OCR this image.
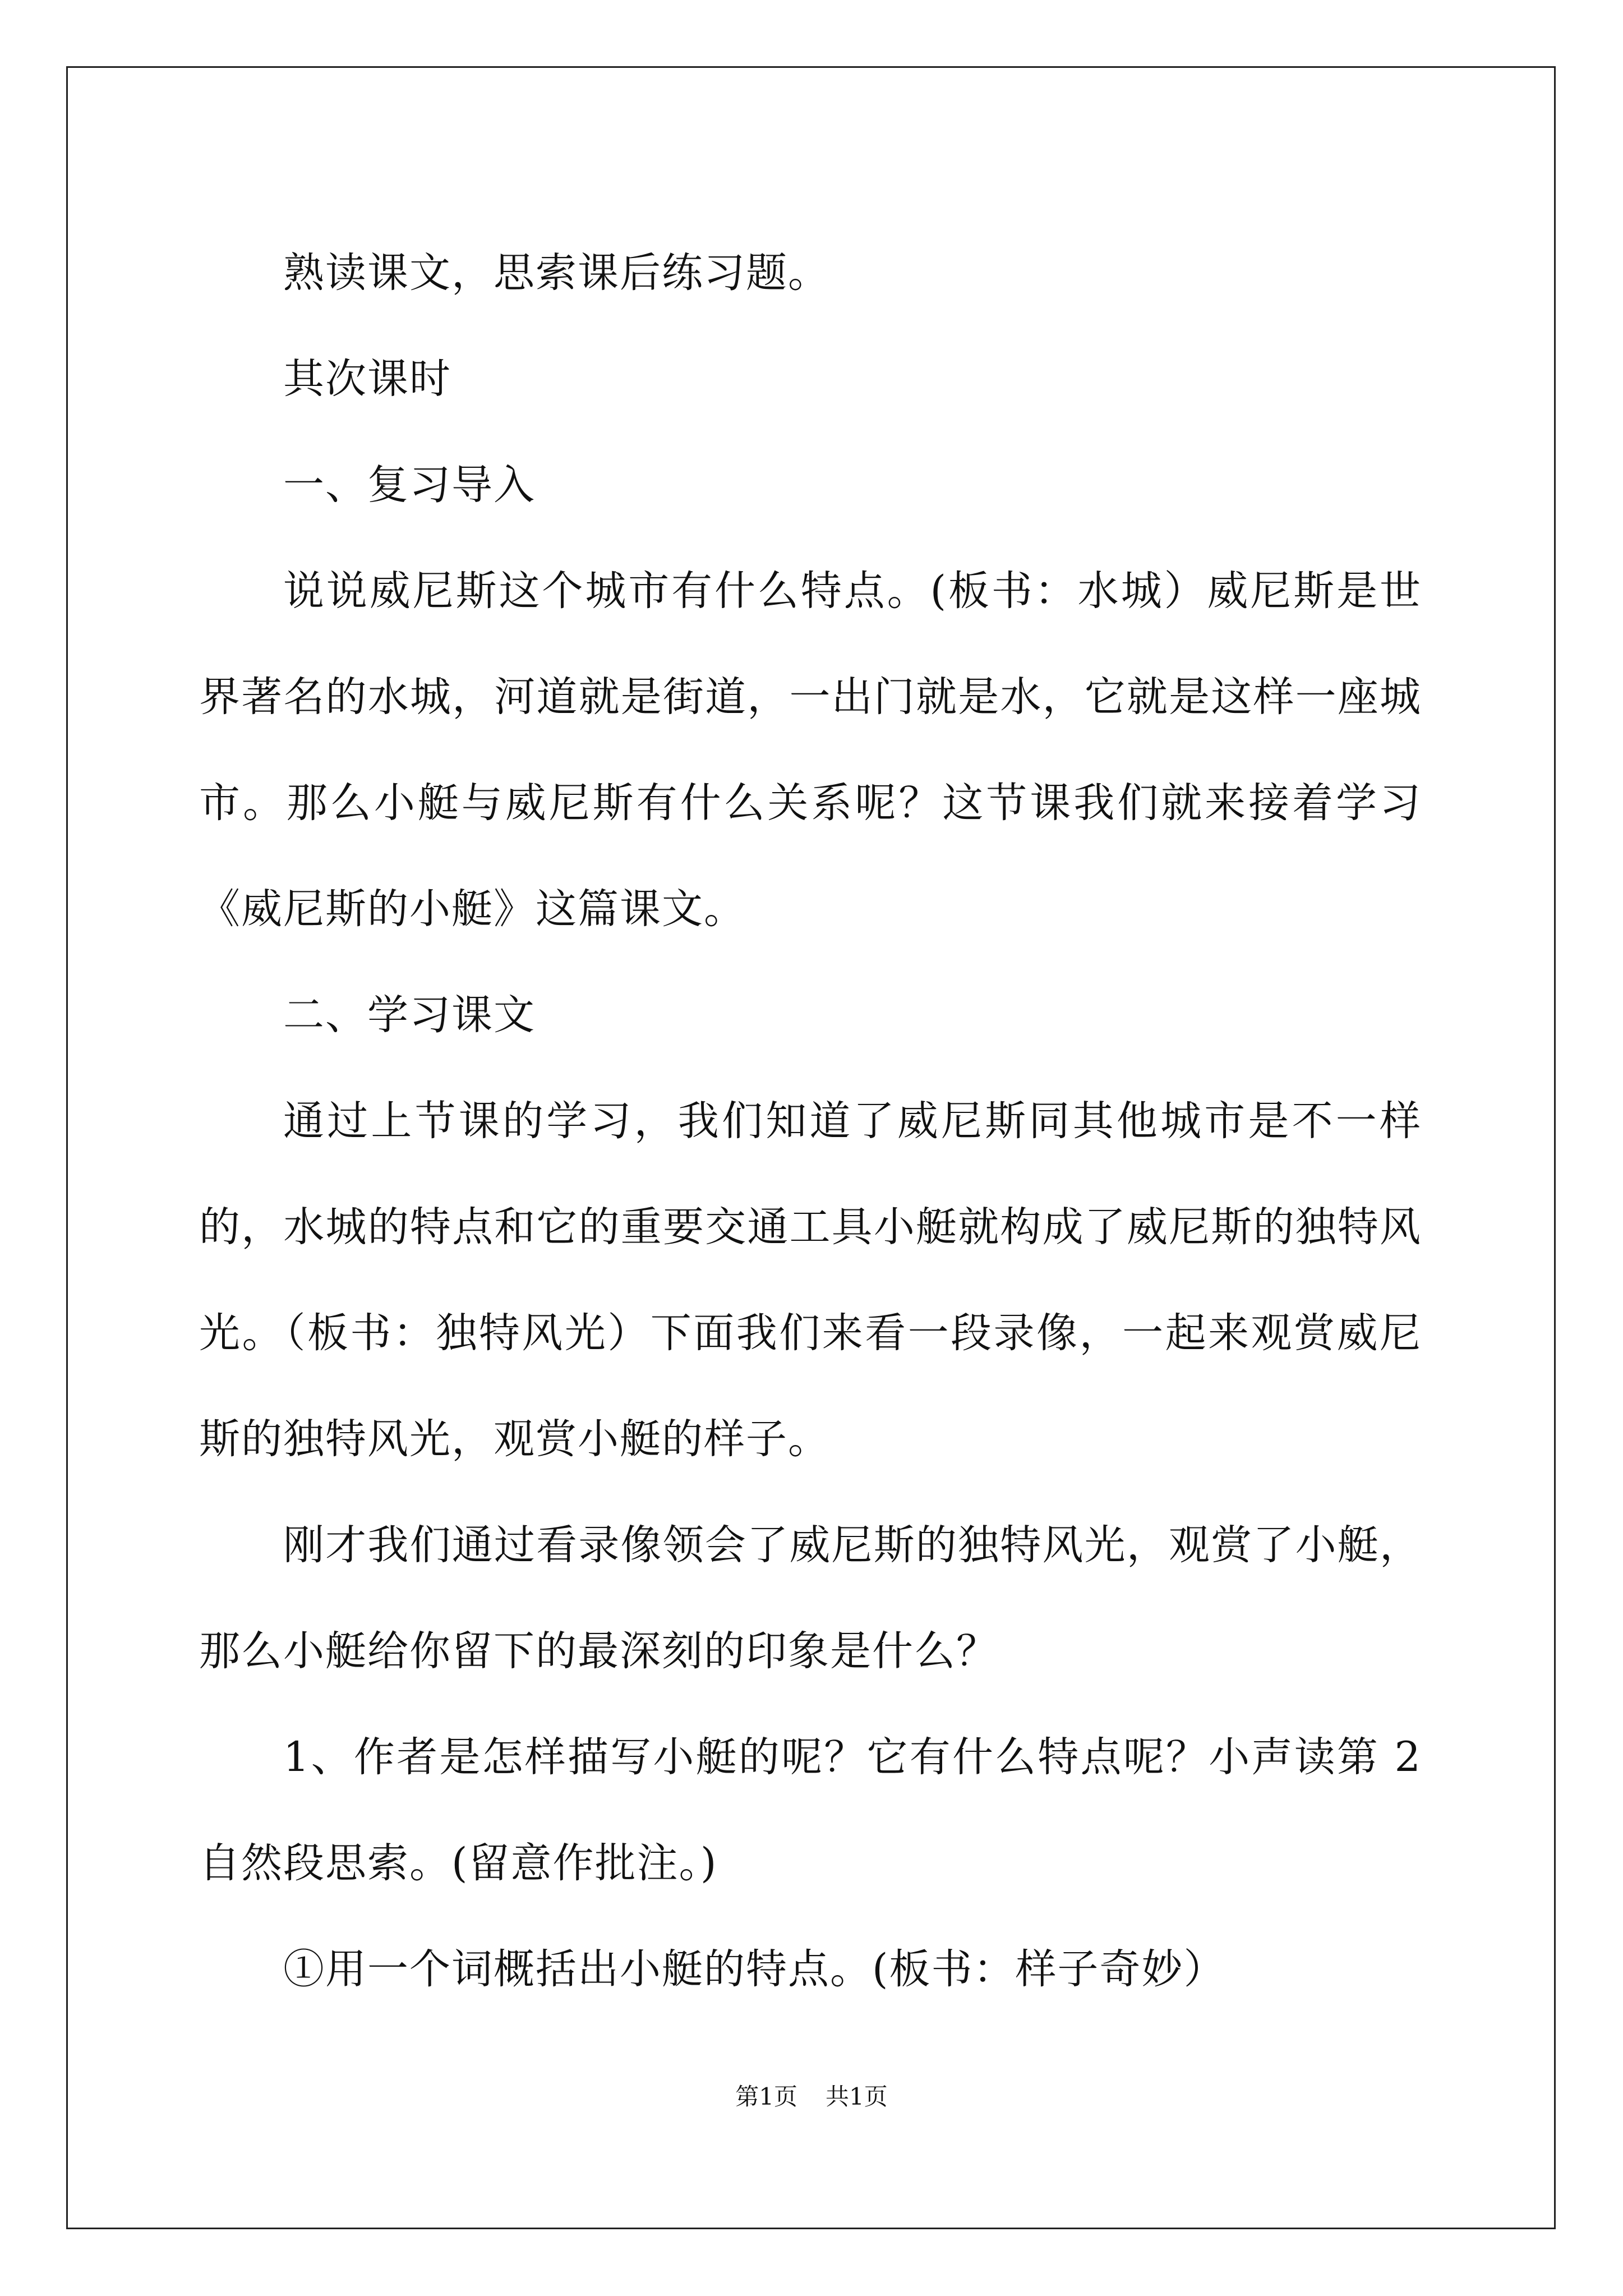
熟读课文，思索课后练习题。

其次课时

一、复习导入

说说威尼斯这个城市有什么特点。(板书：水城）威尼斯是世界著名的水城，河道就是街道，一出门就是水，它就是这样一座城市。那么小艇与威尼斯有什么关系呢？这节课我们就来接着学习《威尼斯的小艇》这篇课文。

二、学习课文

通过上节课的学习，我们知道了威尼斯同其他城市是不一样的，水城的特点和它的重要交通工具小艇就构成了威尼斯的独特风光。（板书：独特风光）下面我们来看一段录像，一起来观赏威尼斯的独特风光，观赏小艇的样子。

刚才我们通过看录像领会了威尼斯的独特风光，观赏了小艇，那么小艇给你留下的最深刻的印象是什么？

1、作者是怎样描写小艇的呢？它有什么特点呢？小声读第 2 自然段思索。(留意作批注。)

①用一个词概括出小艇的特点。(板书：样子奇妙）

第1页 共1页
